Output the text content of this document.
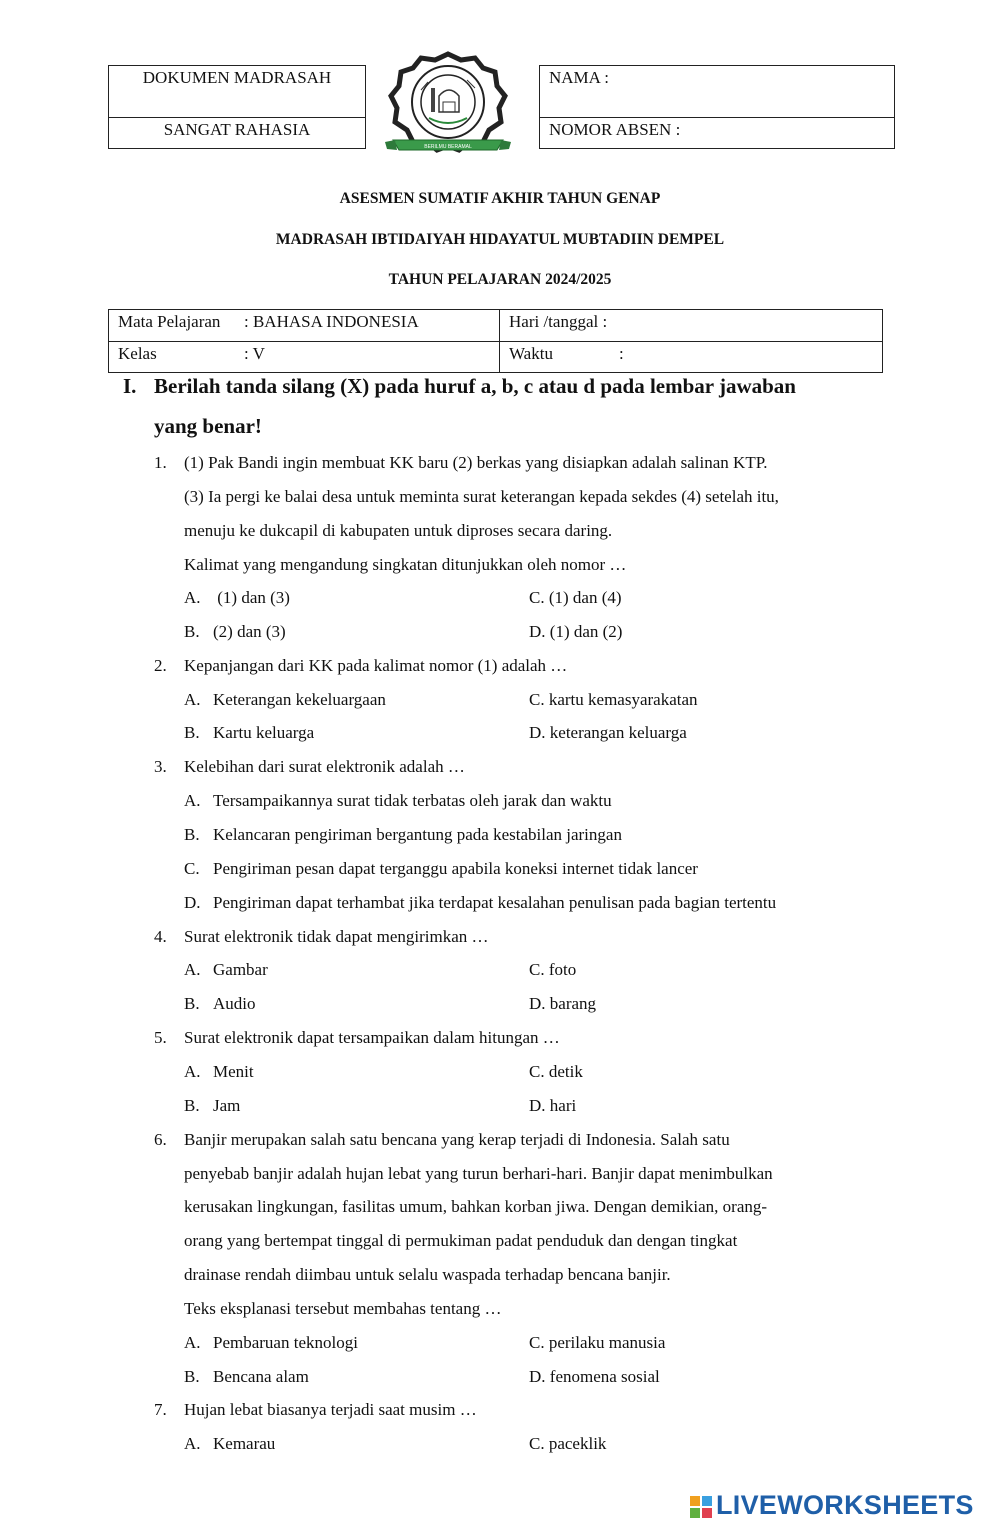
DOKUMEN MADRASAH
SANGAT RAHASIA
BERILMU BERAMAL
NAMA :
NOMOR ABSEN :
ASESMEN SUMATIF AKHIR TAHUN GENAP
MADRASAH IBTIDAIYAH HIDAYATUL MUBTADIIN DEMPEL
TAHUN PELAJARAN 2024/2025
Mata Pelajaran : BAHASA INDONESIA	Hari /tanggal :
Kelas	: V	Waktu	:
I. Berilah tanda silang (X) pada huruf a, b, c atau d pada lembar jawaban
yang benar!
1. (1) Pak Bandi ingin membuat KK baru (2) berkas yang disiapkan adalah salinan KTP.
(3) Ia pergi ke balai desa untuk meminta surat keterangan kepada sekdes (4) setelah itu,
menuju ke dukcapil di kabupaten untuk diproses secara daring.
Kalimat yang mengandung singkatan ditunjukkan oleh nomor …
A. (1) dan (3)	C. (1) dan (4)
B. (2) dan (3)	D. (1) dan (2)
2. Kepanjangan dari KK pada kalimat nomor (1) adalah …
A. Keterangan kekeluargaan	C. kartu kemasyarakatan
B. Kartu keluarga	D. keterangan keluarga
3. Kelebihan dari surat elektronik adalah …
A. Tersampaikannya surat tidak terbatas oleh jarak dan waktu
B. Kelancaran pengiriman bergantung pada kestabilan jaringan
C. Pengiriman pesan dapat terganggu apabila koneksi internet tidak lancer
D. Pengiriman dapat terhambat jika terdapat kesalahan penulisan pada bagian tertentu
4. Surat elektronik tidak dapat mengirimkan …
A. Gambar	C. foto
B. Audio	D. barang
5. Surat elektronik dapat tersampaikan dalam hitungan …
A. Menit	C. detik
B. Jam	D. hari
6. Banjir merupakan salah satu bencana yang kerap terjadi di Indonesia. Salah satu
penyebab banjir adalah hujan lebat yang turun berhari-hari. Banjir dapat menimbulkan
kerusakan lingkungan, fasilitas umum, bahkan korban jiwa. Dengan demikian, orang-
orang yang bertempat tinggal di permukiman padat penduduk dan dengan tingkat
drainase rendah diimbau untuk selalu waspada terhadap bencana banjir.
Teks eksplanasi tersebut membahas tentang …
A. Pembaruan teknologi	C. perilaku manusia
B. Bencana alam	D. fenomena sosial
7. Hujan lebat biasanya terjadi saat musim …
A. Kemarau	C. paceklik
LIVEWORKSHEETS
